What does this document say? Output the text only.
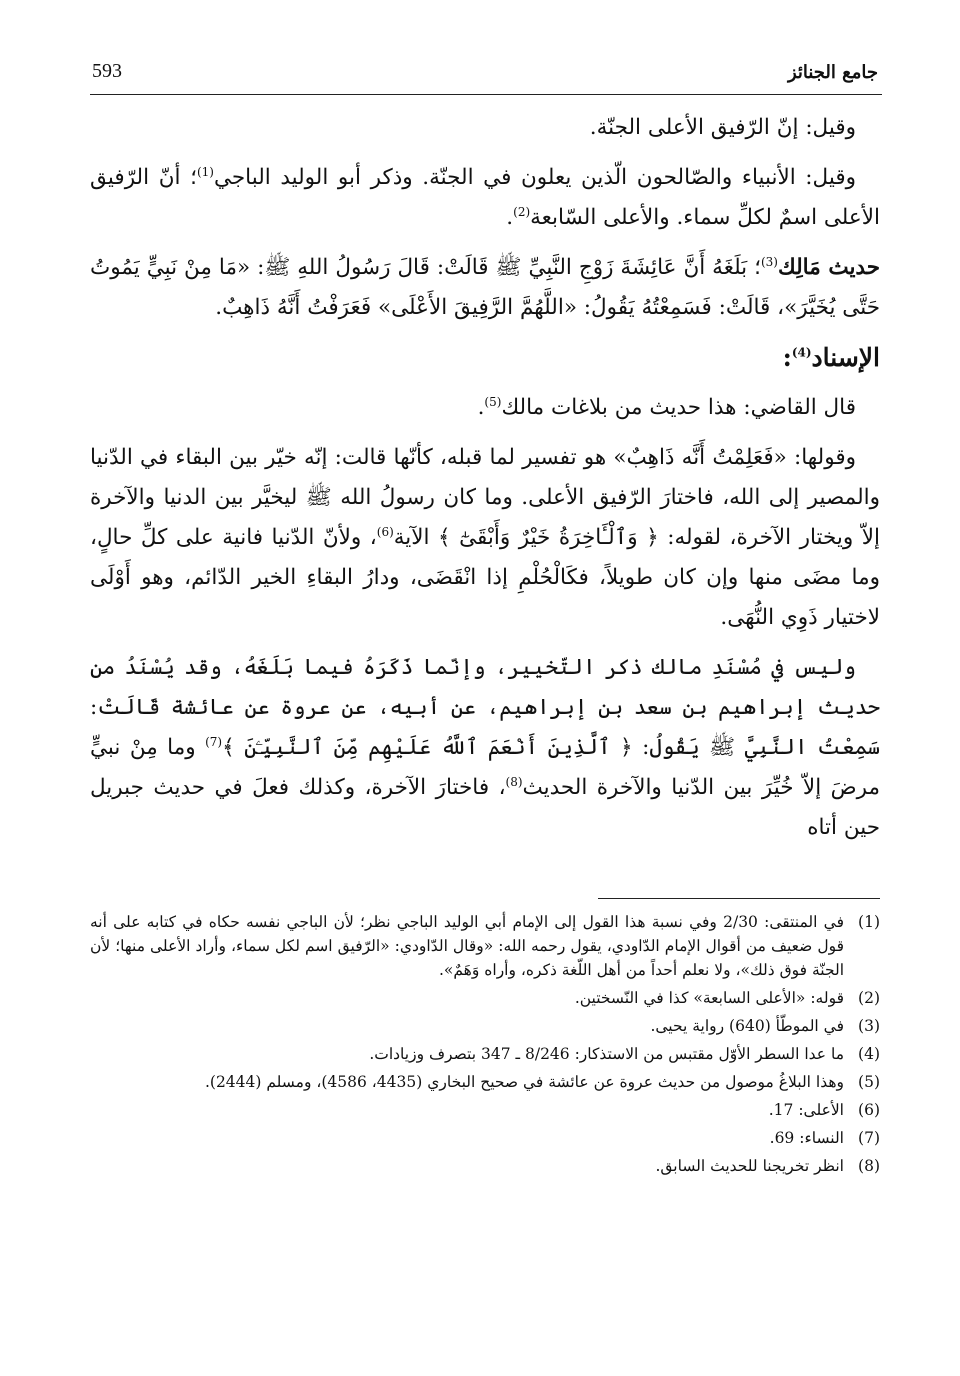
593	جامع الجنائز

وقيل: إنّ الرّفيق الأعلى الجنّة.

وقيل: الأنبياء والصّالحون الّذين يعلون في الجنّة. وذكر أبو الوليد الباجي$^{(1)}$؛ أنّ الرّفيق الأعلى اسمٌ لكلِّ سماء. والأعلى السّابعة$^{(2)}$.

حديث مَالِك$^{(3)}$؛ بَلَغَهُ أَنَّ عَائِشَةَ زَوْجِ النَّبِيِّ ﷺ قَالَتْ: قَالَ رَسُولُ اللهِ ﷺ: «مَا مِنْ نَبِيٍّ يَمُوتُ حَتَّى يُخَيَّرَ»، قَالَتْ: فَسَمِعْتُهُ يَقُولُ: «اللَّهُمَّ الرَّفِيقَ الأَعْلَى» فَعَرَفْتُ أَنَّهُ ذَاهِبٌ.

الإسناد$^{(4)}$:

قال القاضي: هذا حديث من بلاغات مالك$^{(5)}$.

وقولها: «فَعَلِمْتُ أَنَّه ذَاهِبٌ» هو تفسير لما قبله، كأنّها قالت: إنّه خيّر بين البقاء في الدّنيا والمصير إلى الله، فاختارَ الرّفيق الأعلى. وما كان رسولُ الله ﷺ ليخيَّر بين الدنيا والآخرة إلاّ ويختار الآخرة، لقوله: ﴿ وَٱلْـَٔاخِرَةُ خَيْرٌ وَأَبْقَىٰٓ ﴾ الآية$^{(6)}$، ولأنّ الدّنيا فانية على كلِّ حالٍ، وما مضَى منها وإن كان طويلاً، فكَالْحُلْمِ إذا انْقَضَى، ودارُ البقاءِ الخير الدّائم، وهو أَوْلَى لاختيار ذَوِي النُّهَى.

وليس في مُسْنَدِ مالك ذكر التّخيير، وإنّما ذَكَرَهُ فيما بَلَغَهُ، وقد يُسْنَدُ من حديث إبراهيم بن سعد بن إبراهيم، عن أبيه، عن عروة عن عائشة قَالَتْ: سَمِعْتُ النَّبِيَّ ﷺ يَقُولُ: ﴿ ٱلَّذِينَ أَنْعَمَ ٱللَّهُ عَلَيْهِم مِّنَ ٱلنَّبِيِّـۧنَ ﴾$^{(7)}$ وما مِنْ نبيٍّ مرضَ إلاّ خُيِّرَ بين الدّنيا والآخرة الحديث$^{(8)}$، فاختارَ الآخرة، وكذلك فعلَ في حديث جبريل حين أتاه

(1)
في المنتقى: 2/30 وفي نسبة هذا القول إلى الإمام أبي الوليد الباجي نظر؛ لأن الباجي نفسه حكاه في كتابه على أنه قول ضعيف من أقوال الإمام الدّاودي، يقول رحمه الله: «وقال الدّاودي: «الرّفيق اسم لكل سماء، وأراد الأعلى منها؛ لأن الجنّة فوق ذلك»، ولا نعلم أحداً من أهل اللّغة ذكره، وأراه وَهَمٌ».
(2)
قوله: «الأعلى السابعة» كذا في النّسختين.
(3)
في الموطّأ (640) رواية يحيى.
(4)
ما عدا السطر الأوّل مقتبس من الاستذكار: 8/246 ـ 347 بتصرف وزيادات.
(5)
وهذا البلاغُ موصول من حديث عروة عن عائشة في صحيح البخاري (4435، 4586)، ومسلم (2444).
(6)
الأعلى: 17.
(7)
النساء: 69.
(8)
انظر تخريجنا للحديث السابق.
